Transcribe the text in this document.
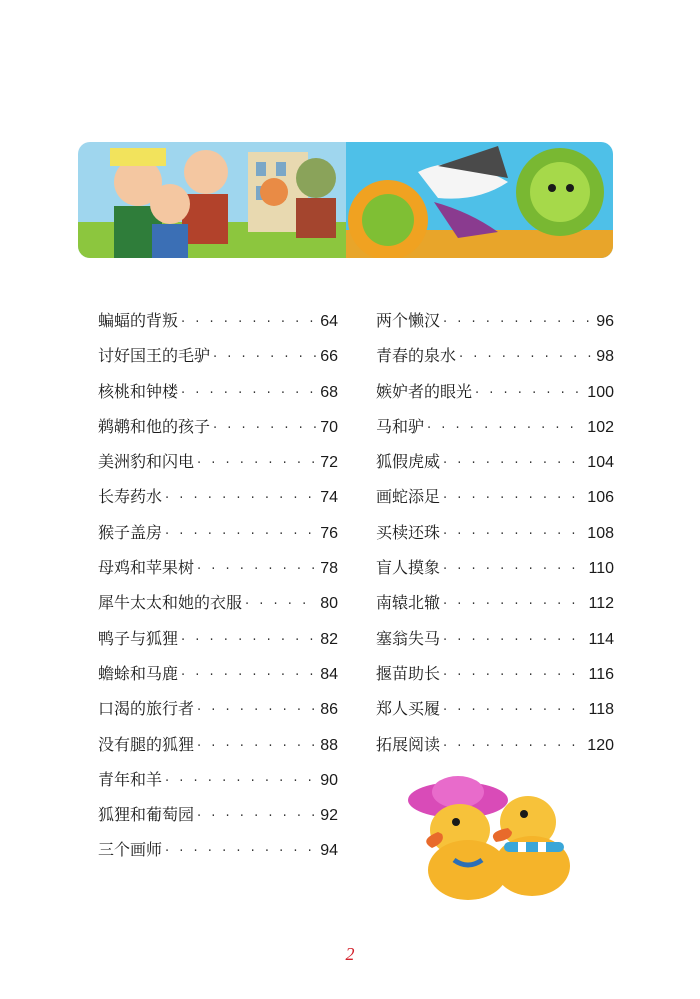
蝙蝠的背叛 · · ·	64
讨好国王的毛驴 · · ·	66
核桃和钟楼 · · ·	68
鹈鹕和他的孩子 · · ·	70
美洲豹和闪电 · · ·	72
长寿药水 · · ·	74
猴子盖房 · · ·	76
母鸡和苹果树 · · ·	78
犀牛太太和她的衣服 · · ·	80
鸭子与狐狸 · · ·	82
蟾蜍和马鹿 · · ·	84
口渴的旅行者 · · ·	86
没有腿的狐狸 · · ·	88
青年和羊 · · ·	90
狐狸和葡萄园 · · ·	92
三个画师 · · ·	94
两个懒汉 · · ·	96
青春的泉水 · · ·	98
嫉妒者的眼光 · · ·	100
马和驴 · · ·	102
狐假虎威 · · ·	104
画蛇添足 · · ·	106
买椟还珠 · · ·	108
盲人摸象 · · ·	110
南辕北辙 · · ·	112
塞翁失马 · · ·	114
揠苗助长 · · ·	116
郑人买履 · · ·	118
拓展阅读 · · ·	120
2
